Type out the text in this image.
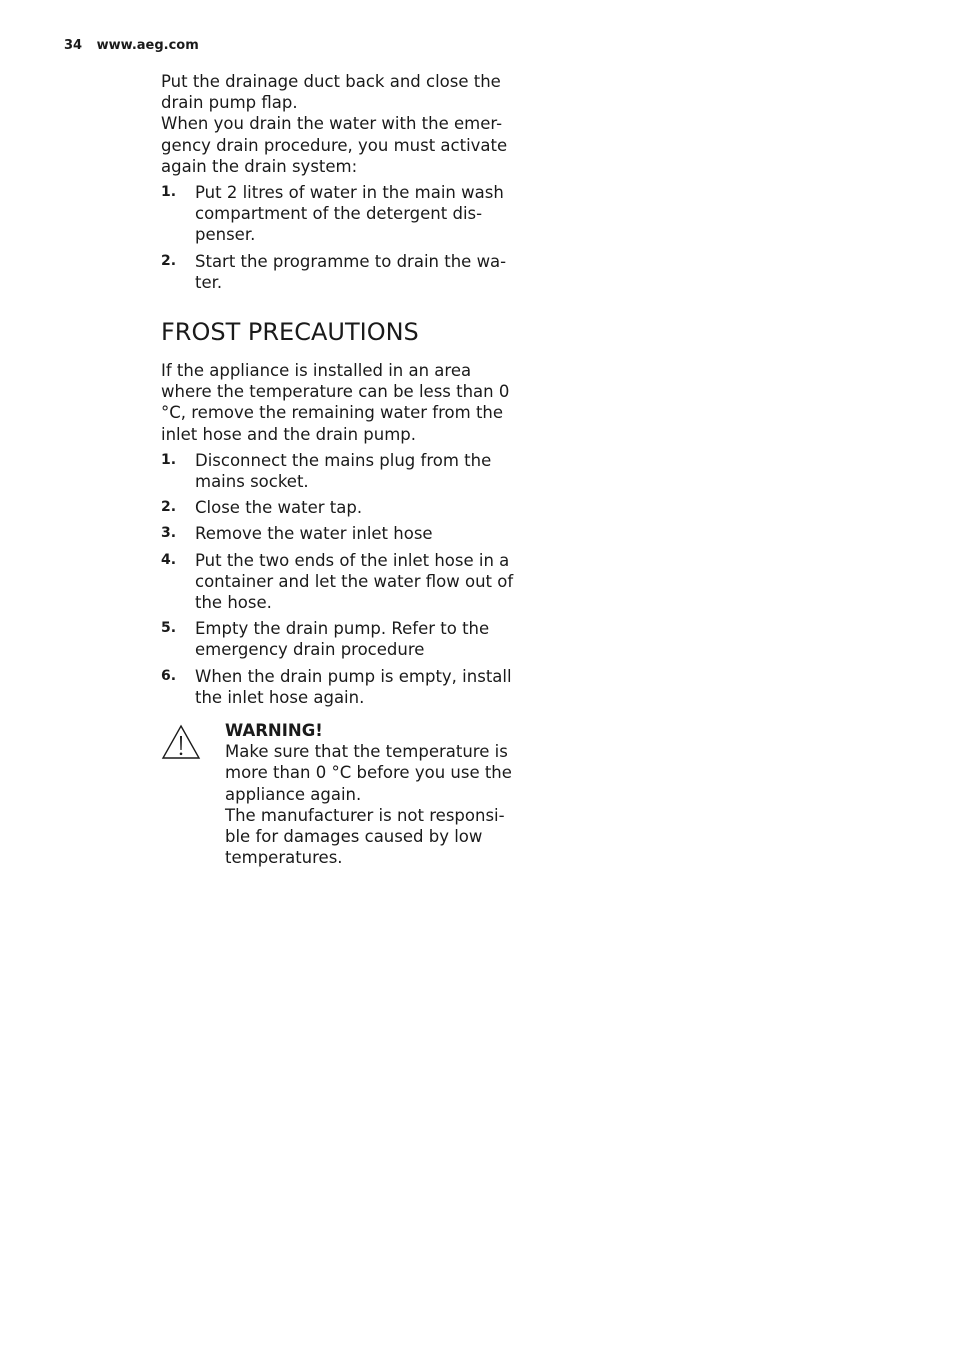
34 www.aeg.com

Put the drainage duct back and close the drain pump flap.

When you drain the water with the emer-gency drain procedure, you must activate again the drain system:

1.	Put 2 litres of water in the main wash compartment of the detergent dis-penser.
2.	Start the programme to drain the wa-ter.
FROST PRECAUTIONS

If the appliance is installed in an area where the temperature can be less than 0 °C, remove the remaining water from the inlet hose and the drain pump.

1.	Disconnect the mains plug from the mains socket.
2.	Close the water tap.
3.	Remove the water inlet hose
4.	Put the two ends of the inlet hose in a container and let the water flow out of the hose.
5.	Empty the drain pump. Refer to the emergency drain procedure
6.	When the drain pump is empty, install the inlet hose again.

WARNING!

Make sure that the temperature is more than 0 °C before you use the appliance again.

The manufacturer is not responsi-ble for damages caused by low temperatures.
